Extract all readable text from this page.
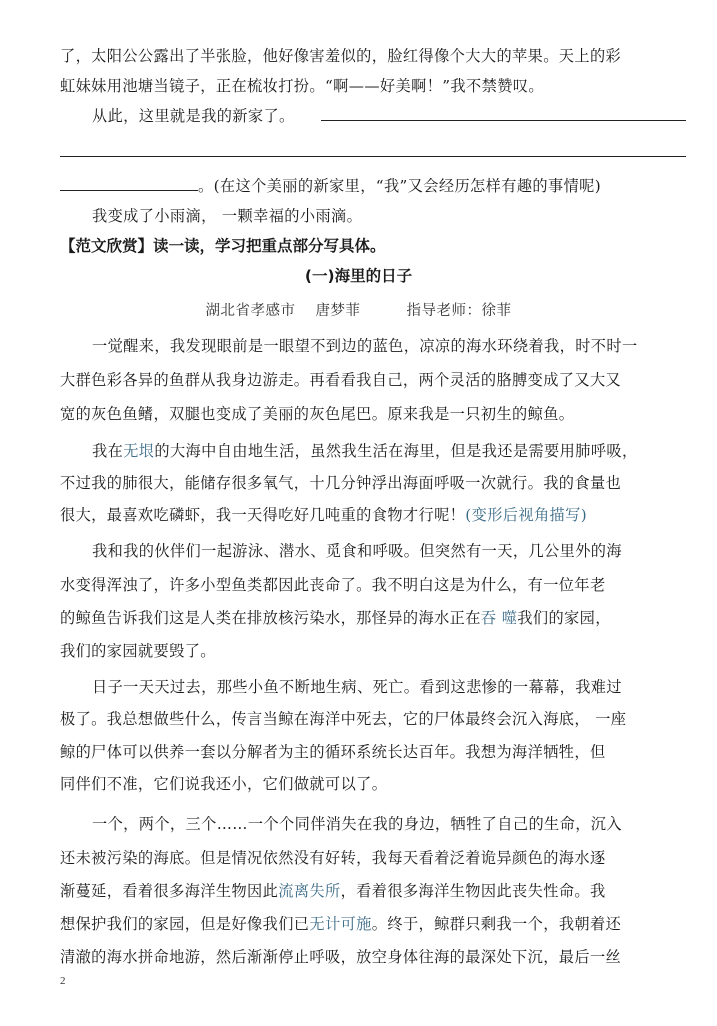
了，太阳公公露出了半张脸，他好像害羞似的，脸红得像个大大的苹果。天上的彩
虹妹妹用池塘当镜子，正在梳妆打扮。“啊——好美啊！”我不禁赞叹。
从此，这里就是我的新家了。
。(在这个美丽的新家里，“我”又会经历怎样有趣的事情呢)
我变成了小雨滴， 一颗幸福的小雨滴。
【范文欣赏】读一读，学习把重点部分写具体。
(一)海里的日子
湖北省孝感市 唐梦菲	指导老师：徐菲
一觉醒来，我发现眼前是一眼望不到边的蓝色，凉凉的海水环绕着我，时不时一
大群色彩各异的鱼群从我身边游走。再看看我自己，两个灵活的胳膊变成了又大又
宽的灰色鱼鳍，双腿也变成了美丽的灰色尾巴。原来我是一只初生的鲸鱼。
我在无垠的大海中自由地生活，虽然我生活在海里，但是我还是需要用肺呼吸，
不过我的肺很大，能储存很多氧气，十几分钟浮出海面呼吸一次就行。我的食量也
很大，最喜欢吃磷虾，我一天得吃好几吨重的食物才行呢！(变形后视角描写)
我和我的伙伴们一起游泳、潜水、觅食和呼吸。但突然有一天，几公里外的海
水变得浑浊了，许多小型鱼类都因此丧命了。我不明白这是为什么，有一位年老
的鲸鱼告诉我们这是人类在排放核污染水，那怪异的海水正在吞 噬我们的家园，
我们的家园就要毁了。
日子一天天过去，那些小鱼不断地生病、死亡。看到这悲惨的一幕幕，我难过
极了。我总想做些什么，传言当鲸在海洋中死去，它的尸体最终会沉入海底， 一座
鲸的尸体可以供养一套以分解者为主的循环系统长达百年。我想为海洋牺牲，但
同伴们不准，它们说我还小，它们做就可以了。
一个，两个，三个……一个个同伴消失在我的身边，牺牲了自己的生命，沉入
还未被污染的海底。但是情况依然没有好转，我每天看着泛着诡异颜色的海水逐
渐蔓延，看着很多海洋生物因此流离失所，看着很多海洋生物因此丧失性命。我
想保护我们的家园，但是好像我们已无计可施。终于，鲸群只剩我一个，我朝着还
清澈的海水拼命地游，然后渐渐停止呼吸，放空身体往海的最深处下沉，最后一丝
2
